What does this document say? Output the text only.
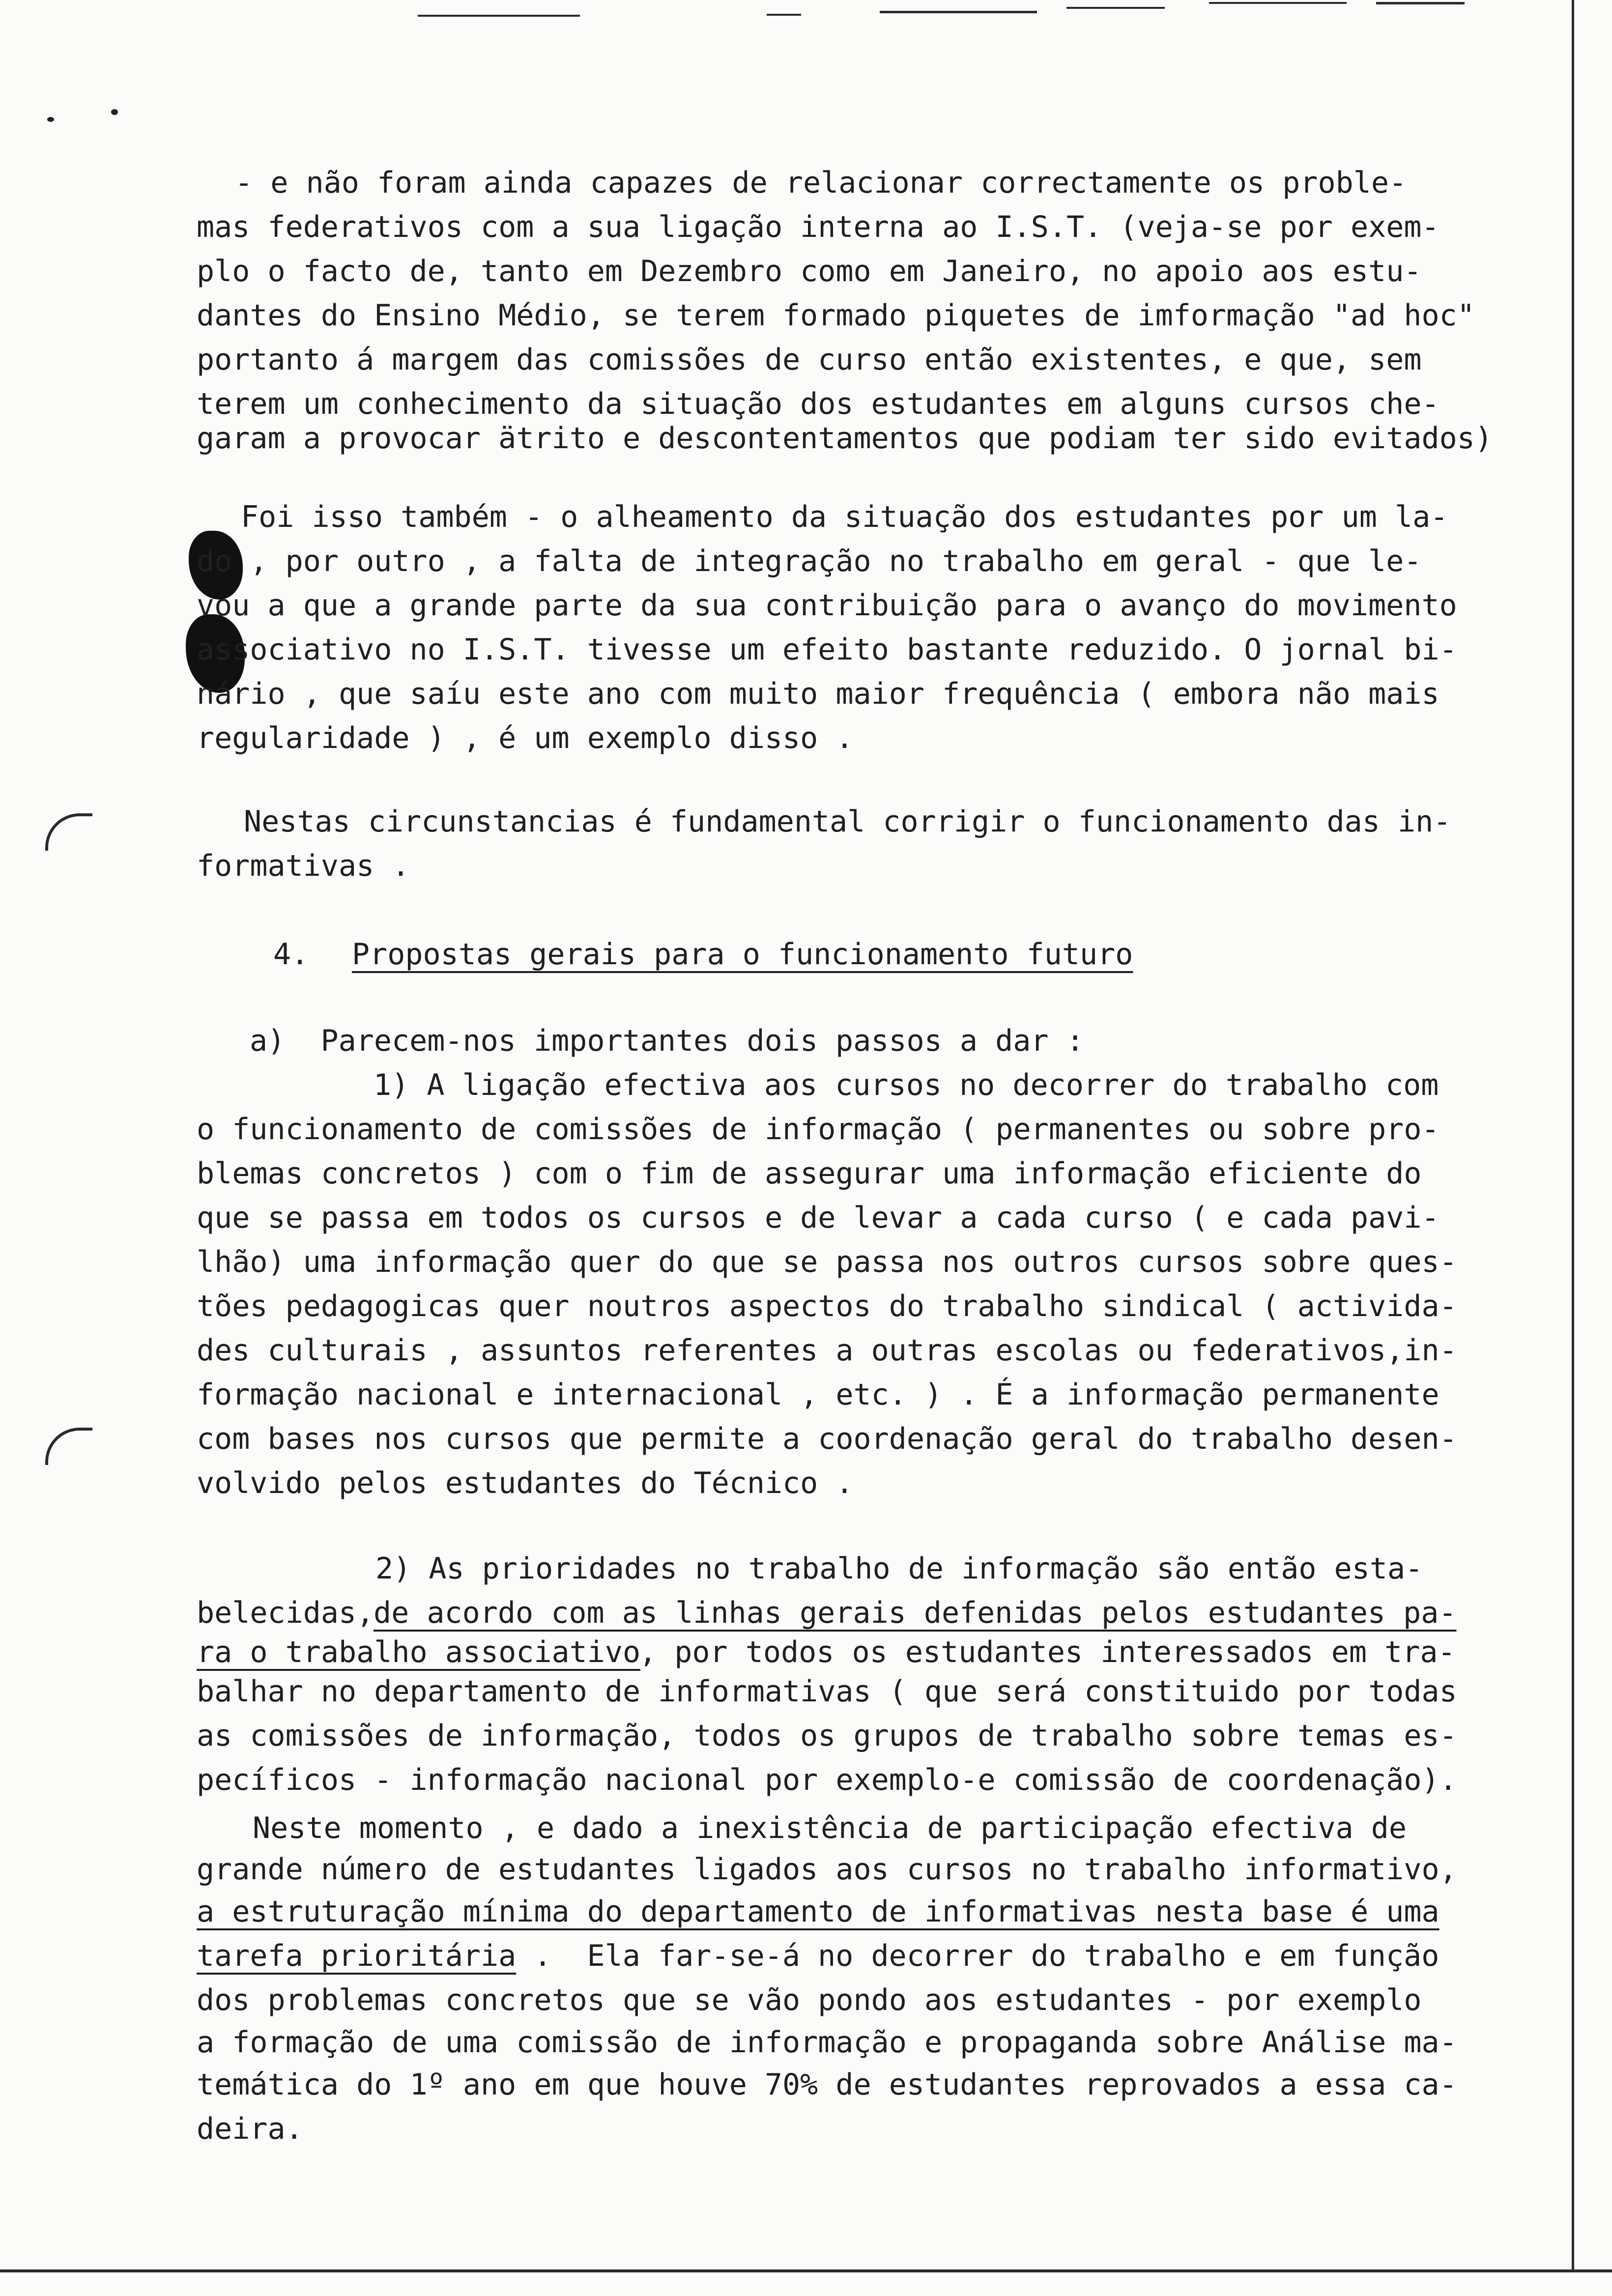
- e não foram ainda capazes de relacionar correctamente os proble-
mas federativos com a sua ligação interna ao I.S.T. (veja-se por exem-
plo o facto de, tanto em Dezembro como em Janeiro, no apoio aos estu-
dantes do Ensino Médio, se terem formado piquetes de imformação "ad hoc"
portanto á margem das comissões de curso então existentes, e que, sem
terem um conhecimento da situação dos estudantes em alguns cursos che-
garam a provocar ätrito e descontentamentos que podiam ter sido evitados)
Foi isso também - o alheamento da situação dos estudantes por um la-
do , por outro , a falta de integração no trabalho em geral - que le-
vou a que a grande parte da sua contribuição para o avanço do movimento
associativo no I.S.T. tivesse um efeito bastante reduzido. O jornal bi-
nário , que saíu este ano com muito maior frequência ( embora não mais
regularidade ) , é um exemplo disso .
Nestas circunstancias é fundamental corrigir o funcionamento das in-
formativas .
4. Propostas gerais para o funcionamento futuro
a)  Parecem-nos importantes dois passos a dar :
1) A ligação efectiva aos cursos no decorrer do trabalho com
o funcionamento de comissões de informação ( permanentes ou sobre pro-
blemas concretos ) com o fim de assegurar uma informação eficiente do
que se passa em todos os cursos e de levar a cada curso ( e cada pavi-
lhão) uma informação quer do que se passa nos outros cursos sobre ques-
tões pedagogicas quer noutros aspectos do trabalho sindical ( activida-
des culturais , assuntos referentes a outras escolas ou federativos,in-
formação nacional e internacional , etc. ) . É a informação permanente
com bases nos cursos que permite a coordenação geral do trabalho desen-
volvido pelos estudantes do Técnico .
2) As prioridades no trabalho de informação são então esta-
belecidas,
de acordo com as linhas gerais defenidas pelos estudantes pa-
ra o trabalho associativo
, por todos os estudantes interessados em tra-
balhar no departamento de informativas ( que será constituido por todas
as comissões de informação, todos os grupos de trabalho sobre temas es-
pecíficos - informação nacional por exemplo-e comissão de coordenação).
Neste momento , e dado a inexistência de participação efectiva de
grande número de estudantes ligados aos cursos no trabalho informativo,
a estruturação mínima do departamento de informativas nesta base é uma
tarefa prioritária .  Ela far-se-á no decorrer do trabalho e em função
dos problemas concretos que se vão pondo aos estudantes - por exemplo
a formação de uma comissão de informação e propaganda sobre Análise ma-
temática do 1º ano em que houve 70% de estudantes reprovados a essa ca-
deira.
